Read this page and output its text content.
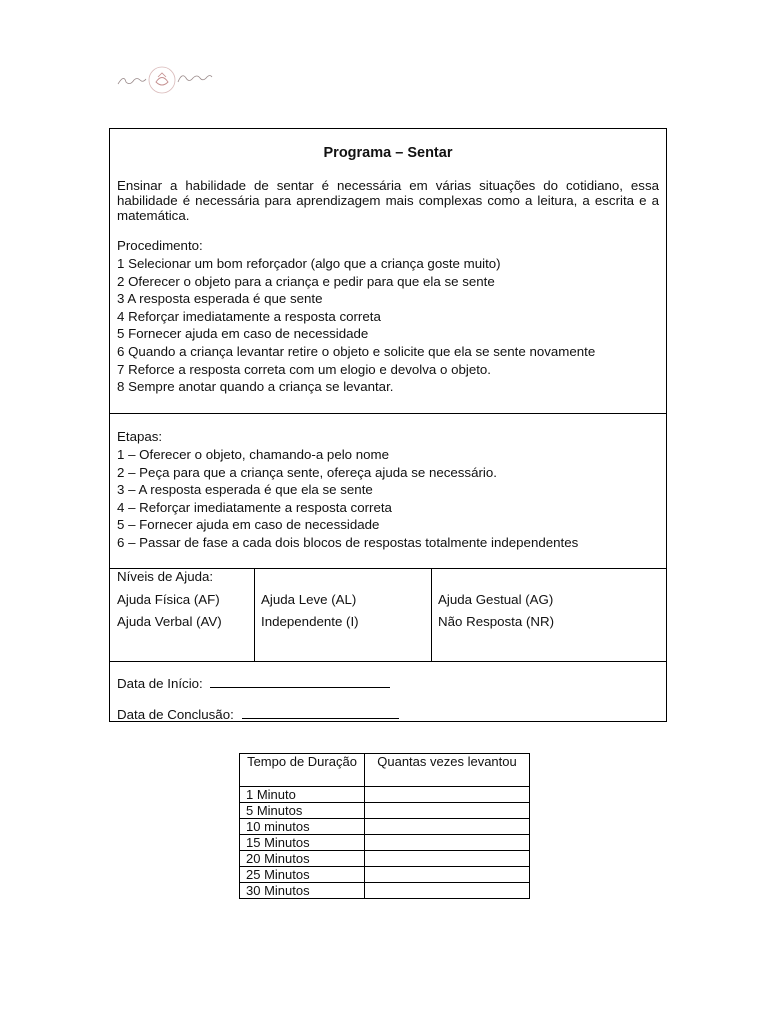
Programa – Sentar
Ensinar a habilidade de sentar é necessária em várias situações do cotidiano, essa habilidade é necessária para aprendizagem mais complexas como a leitura, a escrita e a matemática.
Procedimento:
1 Selecionar um bom reforçador (algo que a criança goste muito)
2 Oferecer o objeto para a criança e pedir para que ela se sente
3 A resposta esperada é que sente
4 Reforçar imediatamente a resposta correta
5 Fornecer ajuda em caso de necessidade
6 Quando a criança levantar retire o objeto e solicite que ela se sente novamente
7 Reforce a resposta correta com um elogio e devolva o objeto.
8 Sempre anotar quando a criança se levantar.
Etapas:
1 – Oferecer o objeto, chamando-a pelo nome
2 – Peça para que a criança sente, ofereça ajuda se necessário.
3 – A resposta esperada é que ela se sente
4 – Reforçar imediatamente a resposta correta
5 – Fornecer ajuda em caso de necessidade
6 – Passar de fase a cada dois blocos de respostas totalmente independentes
Níveis de Ajuda:
Ajuda Física (AF)
Ajuda Verbal (AV)
Ajuda Leve (AL)
Independente (I)
Ajuda Gestual (AG)
Não Resposta (NR)
Data de Início:
Data de Conclusão:
Tempo de Duração	Quantas vezes levantou
1 Minuto	
5 Minutos	
10 minutos	
15 Minutos	
20 Minutos	
25 Minutos	
30 Minutos	
